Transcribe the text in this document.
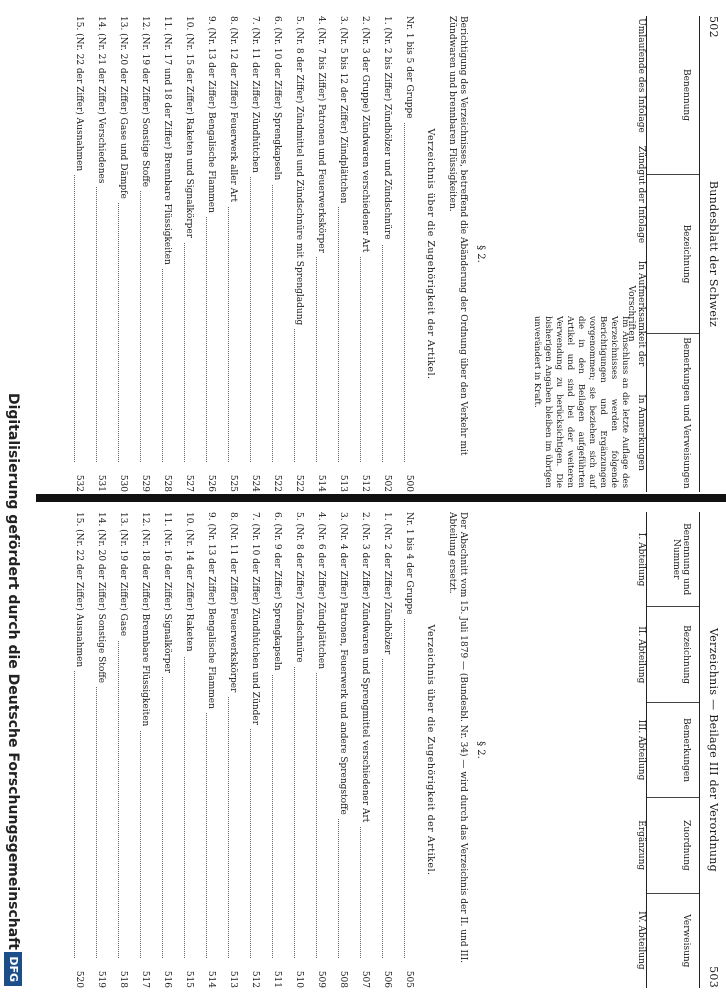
502
Bundesblatt der Schweiz
Benennung
Bezeichnung
Bemerkungen und Verweisungen
Umlaufende des Infolage
Zündgut der Infolage
In Aufmerksamkeit der Vorschriften
In Anmerkungen
Im Anschluss an die letzte Auflage des Verzeichnisses werden folgende Berichtigungen und Ergänzungen vorgenommen; sie beziehen sich auf die in den Beilagen aufgeführten Artikel und sind bei der weiteren Verwendung zu berücksichtigen. Die bisherigen Angaben bleiben im übrigen unverändert in Kraft.
§ 2.
Berichtigung des Verzeichnisses, betreffend die Abänderung der Ordnung über den Verkehr mit Zündwaren und brennbaren Flüssigkeiten.
Verzeichnis über die Zugehörigkeit der Artikel.
Nr. 1 bis 5 der Gruppe
500
1. (Nr. 2 bis Ziffer) Zündhölzer und Zündschnüre
502
2. (Nr. 3 der Gruppe) Zündwaren verschiedener Art
512
3. (Nr. 5 bis 12 der Ziffer) Zündplättchen
513
4. (Nr. 7 bis Ziffer) Patronen und Feuerwerkskörper
514
5. (Nr. 8 der Ziffer) Zündmittel und Zündschnüre mit Sprengladung
522
6. (Nr. 10 der Ziffer) Sprengkapseln
522
7. (Nr. 11 der Ziffer) Zündhütchen
524
8. (Nr. 12 der Ziffer) Feuerwerk aller Art
525
9. (Nr. 13 der Ziffer) Bengalische Flammen
526
10. (Nr. 15 der Ziffer) Raketen und Signalkörper
527
11. (Nr. 17 und 18 der Ziffer) Brennbare Flüssigkeiten
528
12. (Nr. 19 der Ziffer) Sonstige Stoffe
529
13. (Nr. 20 der Ziffer) Gase und Dämpfe
530
14. (Nr. 21 der Ziffer) Verschiedenes
531
15. (Nr. 22 der Ziffer) Ausnahmen
532
Verzeichnis — Beilage III der Verordnung
503
Benennung und Nummer
Bezeichnung
Bemerkungen
Zuordnung
Verweisung
I. Abteilung
II. Abteilung
III. Abteilung
Ergänzung
IV. Abteilung
§ 2.
Der Abschnitt vom 15. Juli 1879 — (Bundesbl. Nr. 34) — wird durch das Verzeichnis der II. und III. Abteilung ersetzt.
Verzeichnis über die Zugehörigkeit der Artikel.
Nr. 1 bis 4 der Gruppe
505
1. (Nr. 2 der Ziffer) Zündhölzer
506
2. (Nr. 3 der Ziffer) Zündwaren und Sprengmittel verschiedener Art
507
3. (Nr. 4 der Ziffer) Patronen, Feuerwerk und andere Sprengstoffe
508
4. (Nr. 6 der Ziffer) Zündplättchen
509
5. (Nr. 8 der Ziffer) Zündschnüre
510
6. (Nr. 9 der Ziffer) Sprengkapseln
511
7. (Nr. 10 der Ziffer) Zündhütchen und Zünder
512
8. (Nr. 11 der Ziffer) Feuerwerkskörper
513
9. (Nr. 13 der Ziffer) Bengalische Flammen
514
10. (Nr. 14 der Ziffer) Raketen
515
11. (Nr. 16 der Ziffer) Signalkörper
516
12. (Nr. 18 der Ziffer) Brennbare Flüssigkeiten
517
13. (Nr. 19 der Ziffer) Gase
518
14. (Nr. 20 der Ziffer) Sonstige Stoffe
519
15. (Nr. 22 der Ziffer) Ausnahmen
520
Digitalisierung gefördert durch die Deutsche Forschungsgemeinschaft
DFG
